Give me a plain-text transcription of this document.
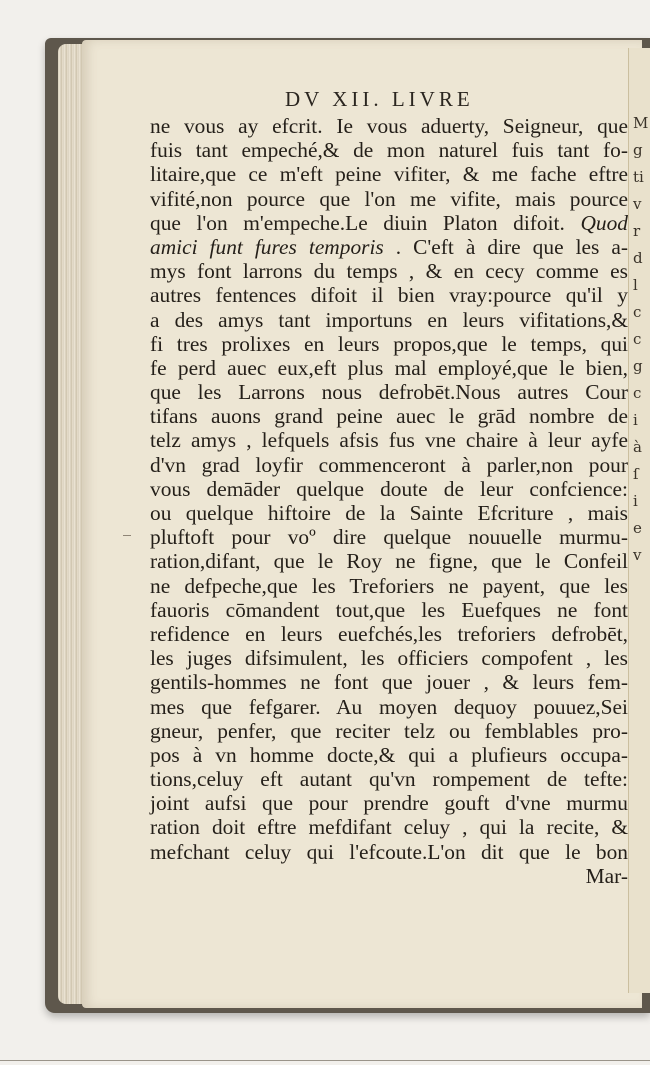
M
g
ti
v
r
d
l
c
c
g
c
i
à
ſ
i
e
v
DV XII. LIVRE
ne vous ay efcrit. Ie vous aduerty, Seigneur, que
fuis tant empeché,& de mon naturel fuis tant fo-
litaire,que ce m'eft peine vifiter, & me fache eftre
vifité,non pource que l'on me vifite, mais pource
que l'on m'empeche.Le diuin Platon difoit. Quod
amici funt fures temporis . C'eft à dire que les a-
mys font larrons du temps , & en cecy comme es
autres fentences difoit il bien vray:pource qu'il y
a des amys tant importuns en leurs vifitations,&
fi tres prolixes en leurs propos,que le temps, qui
fe perd auec eux,eft plus mal employé,que le bien,
que les Larrons nous defrobēt.Nous autres Cour
tifans auons grand peine auec le grād nombre de
telz amys , lefquels afsis fus vne chaire à leur ayfe
d'vn grad loyfir commenceront à parler,non pour
vous demāder quelque doute de leur confcience:
ou quelque hiftoire de la Sainte Efcriture , mais
pluftoft pour voº dire quelque nouuelle murmu-
ration,difant, que le Roy ne figne, que le Confeil
ne defpeche,que les Treforiers ne payent, que les
fauoris cōmandent tout,que les Euefques ne font
refidence en leurs euefchés,les treforiers defrobēt,
les juges difsimulent, les officiers compofent , les
gentils-hommes ne font que jouer , & leurs fem-
mes que fefgarer. Au moyen dequoy pouuez,Sei
gneur, penfer, que reciter telz ou femblables pro-
pos à vn homme docte,& qui a plufieurs occupa-
tions,celuy eft autant qu'vn rompement de tefte:
joint aufsi que pour prendre gouft d'vne murmu
ration doit eftre mefdifant celuy , qui la recite, &
mefchant celuy qui l'efcoute.L'on dit que le bon
Mar-
